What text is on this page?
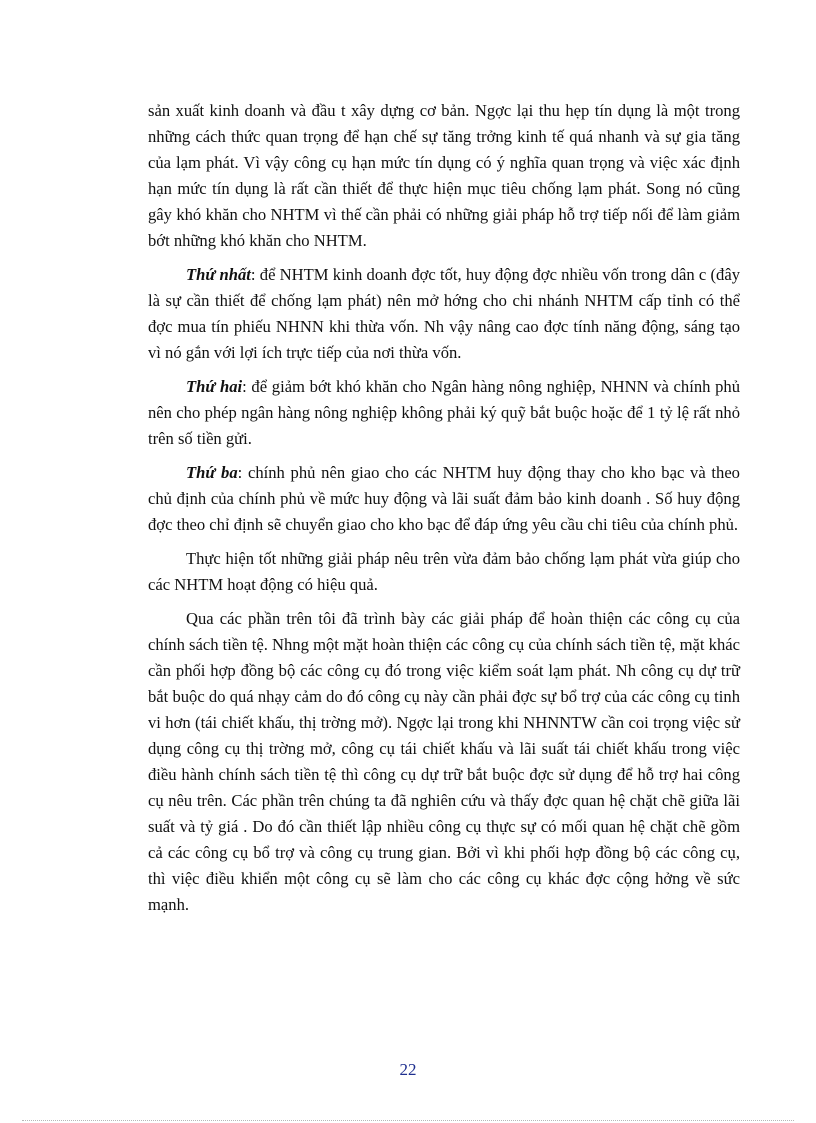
sản xuất kinh doanh và đầu t xây dựng cơ bản. Ngợc lại thu hẹp tín dụng là một trong những cách thức quan trọng để hạn chế sự tăng trởng kinh tế quá nhanh và sự gia tăng của lạm phát. Vì vậy công cụ hạn mức tín dụng có ý nghĩa quan trọng và việc xác định hạn mức tín dụng là rất cần thiết để thực hiện mục tiêu chống lạm phát. Song nó cũng gây khó khăn cho NHTM vì thế cần phải có những giải pháp hỗ trợ tiếp nối để làm giảm bớt những khó khăn cho NHTM.

Thứ nhất: để NHTM kinh doanh đợc tốt, huy động đợc nhiều vốn trong dân c (đây là sự cần thiết để chống lạm phát) nên mở hớng cho chi nhánh NHTM cấp tỉnh có thể đợc mua tín phiếu NHNN khi thừa vốn. Nh vậy nâng cao đợc tính năng động, sáng tạo vì nó gắn với lợi ích trực tiếp của nơi thừa vốn.

Thứ hai: để giảm bớt khó khăn cho Ngân hàng nông nghiệp, NHNN và chính phủ nên cho phép ngân hàng nông nghiệp không phải ký quỹ bắt buộc hoặc để 1 tỷ lệ rất nhỏ trên số tiền gửi.

Thứ ba: chính phủ nên giao cho các NHTM huy động thay cho kho bạc và theo chủ định của chính phủ về mức huy động và lãi suất đảm bảo kinh doanh . Số huy động đợc theo chỉ định sẽ chuyển giao cho kho bạc để đáp ứng yêu cầu chi tiêu của chính phủ.

Thực hiện tốt những giải pháp nêu trên vừa đảm bảo chống lạm phát vừa giúp cho các NHTM hoạt động có hiệu quả.

Qua các phần trên tôi đã trình bày các giải pháp để hoàn thiện các công cụ của chính sách tiền tệ. Nhng một mặt hoàn thiện các công cụ của chính sách tiền tệ, mặt khác cần phối hợp đồng bộ các công cụ đó trong việc kiểm soát lạm phát. Nh công cụ dự trữ bắt buộc do quá nhạy cảm do đó công cụ này cần phải đợc sự bổ trợ của các công cụ tinh vi hơn (tái chiết khấu, thị trờng mở). Ngợc lại trong khi NHNNTW cần coi trọng việc sử dụng công cụ thị trờng mở, công cụ tái chiết khấu và lãi suất tái chiết khấu trong việc điều hành chính sách tiền tệ thì công cụ dự trữ bắt buộc đợc sử dụng để hỗ trợ hai công cụ nêu trên. Các phần trên chúng ta đã nghiên cứu và thấy đợc quan hệ chặt chẽ giữa lãi suất và tỷ giá . Do đó cần thiết lập nhiều công cụ thực sự có mối quan hệ chặt chẽ gồm cả các công cụ bổ trợ và công cụ trung gian. Bởi vì khi phối hợp đồng bộ các công cụ, thì việc điều khiển một công cụ sẽ làm cho các công cụ khác đợc cộng hởng về sức mạnh.

22
